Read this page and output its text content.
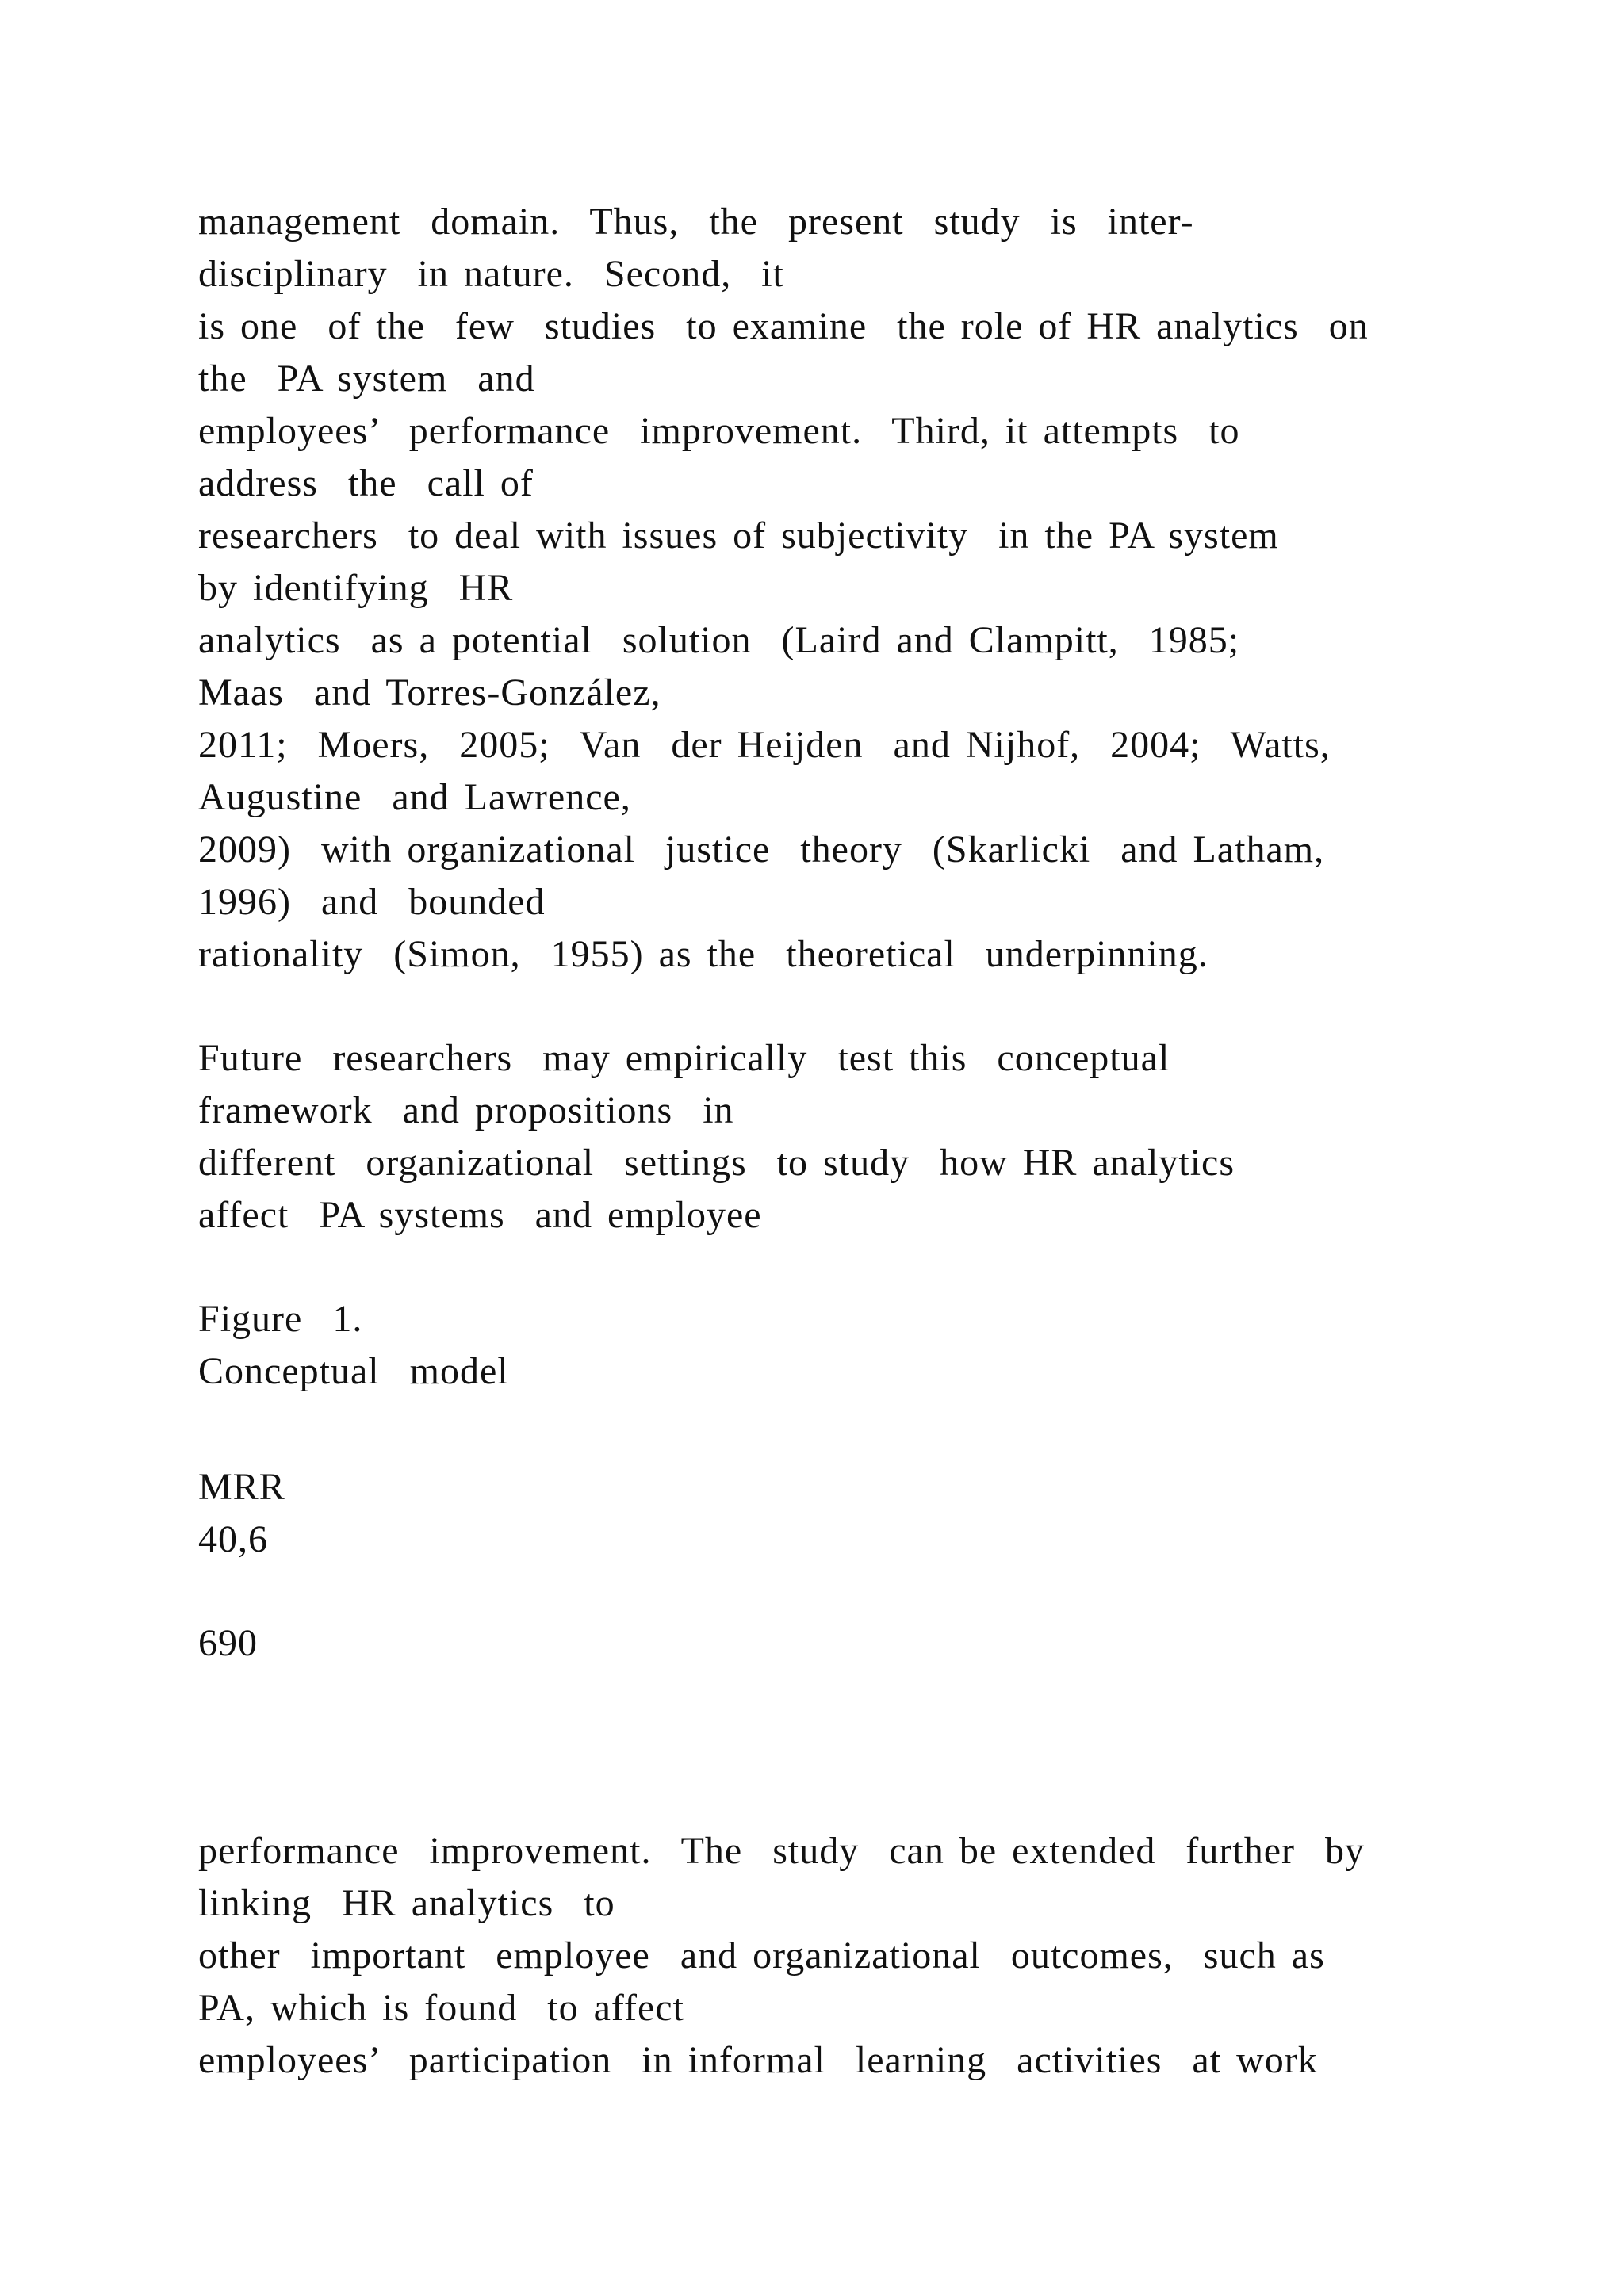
management  domain.  Thus,  the  present  study  is  inter-
disciplinary  in nature.  Second,  it
is one  of the  few  studies  to examine  the role of HR analytics  on
the  PA system  and
employees’  performance  improvement.  Third, it attempts  to
address  the  call of
researchers  to deal with issues of subjectivity  in the PA system
by identifying  HR
analytics  as a potential  solution  (Laird and Clampitt,  1985;
Maas  and Torres-González,
2011;  Moers,  2005;  Van  der Heijden  and Nijhof,  2004;  Watts,
Augustine  and Lawrence,
2009)  with organizational  justice  theory  (Skarlicki  and Latham,
1996)  and  bounded
rationality  (Simon,  1955) as the  theoretical  underpinning.
Future  researchers  may empirically  test this  conceptual
framework  and propositions  in
different  organizational  settings  to study  how HR analytics
affect  PA systems  and employee
Figure  1.
Conceptual  model
MRR
40,6
690
performance  improvement.  The  study  can be extended  further  by
linking  HR analytics  to
other  important  employee  and organizational  outcomes,  such as
PA, which is found  to affect
employees’  participation  in informal  learning  activities  at work
